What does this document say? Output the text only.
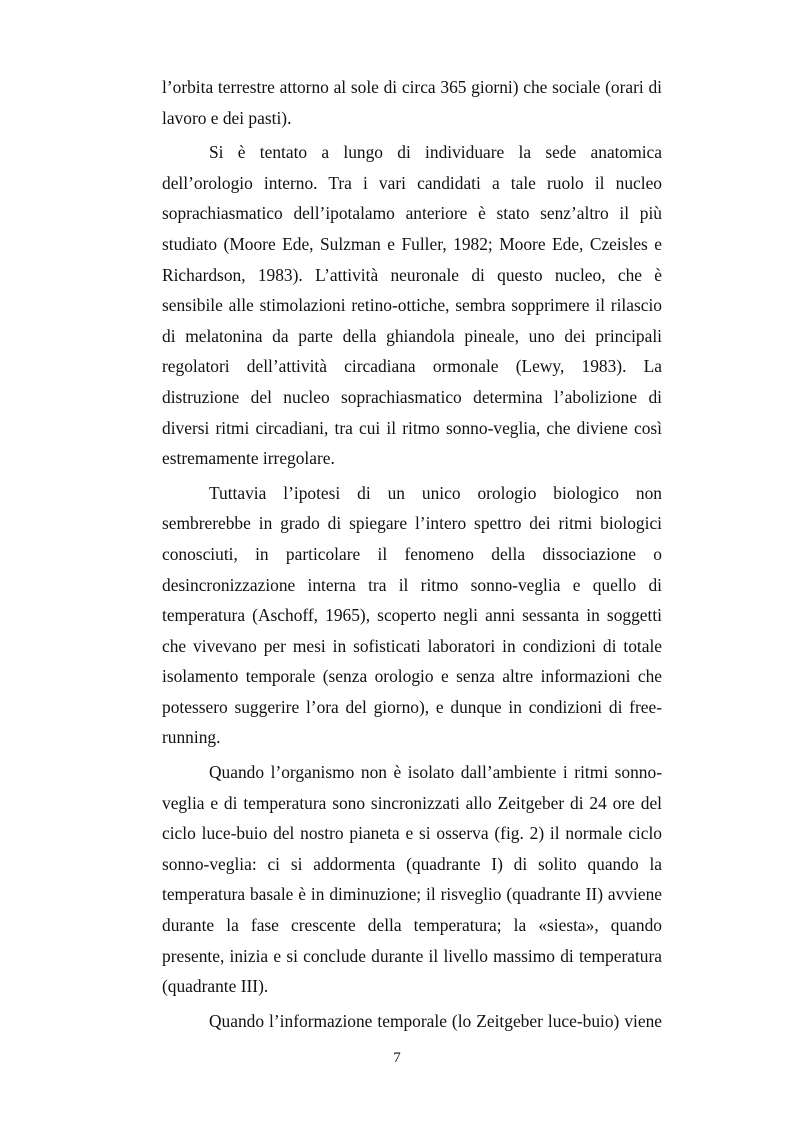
l’orbita terrestre attorno al sole di circa 365 giorni) che sociale (orari di lavoro e dei pasti).

Si è tentato a lungo di individuare la sede anatomica dell’orologio interno. Tra i vari candidati a tale ruolo il nucleo soprachiasmatico dell’ipotalamo anteriore è stato senz’altro il più studiato (Moore Ede, Sulzman e Fuller, 1982; Moore Ede, Czeisles e Richardson, 1983). L’attività neuronale di questo nucleo, che è sensibile alle stimolazioni retino-ottiche, sembra sopprimere il rilascio di melatonina da parte della ghiandola pineale, uno dei principali regolatori dell’attività circadiana ormonale (Lewy, 1983). La distruzione del nucleo soprachiasmatico determina l’abolizione di diversi ritmi circadiani, tra cui il ritmo sonno-veglia, che diviene così estremamente irregolare.

Tuttavia l’ipotesi di un unico orologio biologico non sembrerebbe in grado di spiegare l’intero spettro dei ritmi biologici conosciuti, in particolare il fenomeno della dissociazione o desincronizzazione interna tra il ritmo sonno-veglia e quello di temperatura (Aschoff, 1965), scoperto negli anni sessanta in soggetti che vivevano per mesi in sofisticati laboratori in condizioni di totale isolamento temporale (senza orologio e senza altre informazioni che potessero suggerire l’ora del giorno), e dunque in condizioni di free-running.

Quando l’organismo non è isolato dall’ambiente i ritmi sonno-veglia e di temperatura sono sincronizzati allo Zeitgeber di 24 ore del ciclo luce-buio del nostro pianeta e si osserva (fig. 2) il normale ciclo sonno-veglia: ci si addormenta (quadrante I) di solito quando la temperatura basale è in diminuzione; il risveglio (quadrante II) avviene durante la fase crescente della temperatura; la «siesta», quando presente, inizia e si conclude durante il livello massimo di temperatura (quadrante III).

Quando l’informazione temporale (lo Zeitgeber luce-buio) viene

7
